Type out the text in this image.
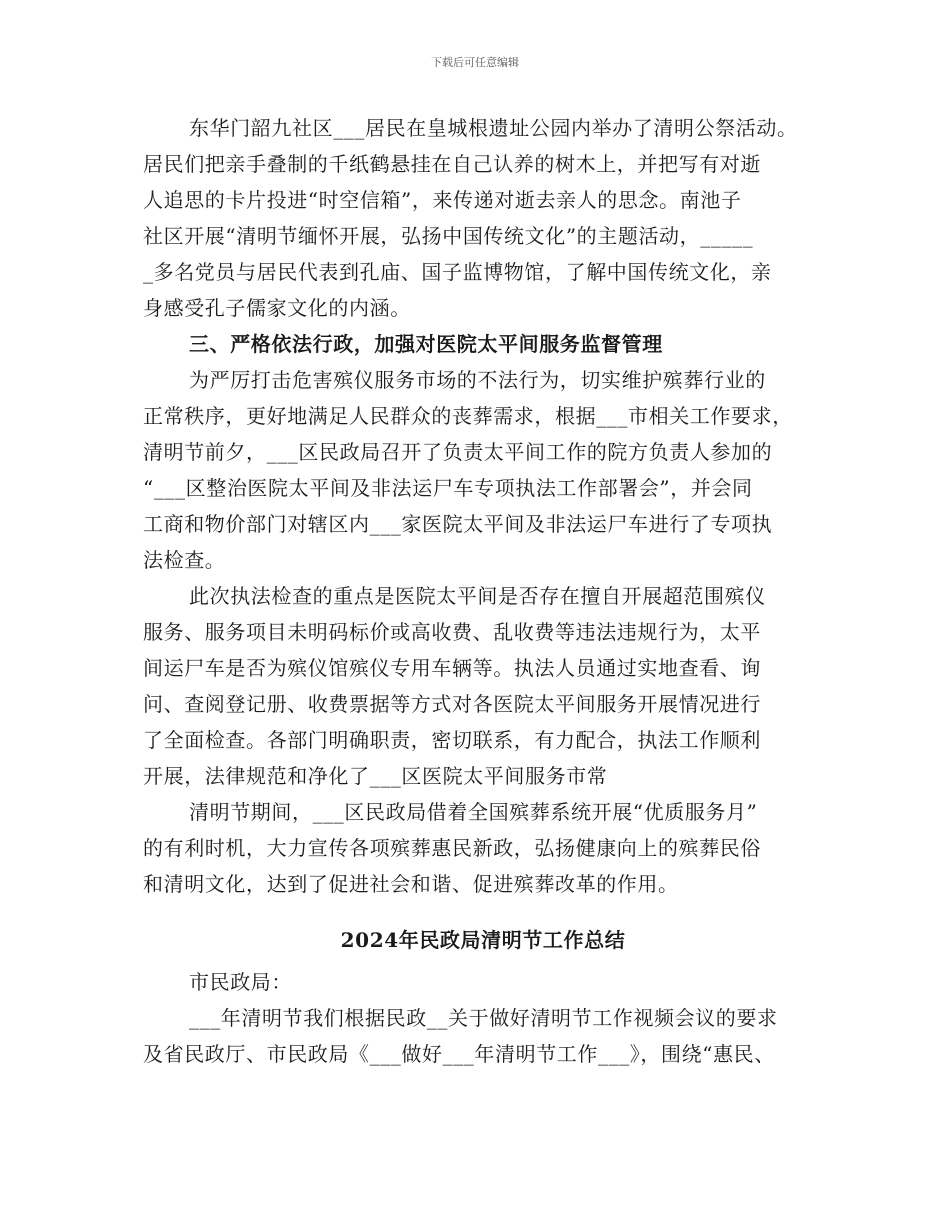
下载后可任意编辑
东华门韶九社区___居民在皇城根遗址公园内举办了清明公祭活动。
居民们把亲手叠制的千纸鹤悬挂在自己认养的树木上，并把写有对逝
人追思的卡片投进“时空信箱”，来传递对逝去亲人的思念。南池子
社区开展“清明节缅怀开展，弘扬中国传统文化”的主题活动，_____
_多名党员与居民代表到孔庙、国子监博物馆，了解中国传统文化，亲
身感受孔子儒家文化的内涵。
三、严格依法行政，加强对医院太平间服务监督管理
为严厉打击危害殡仪服务市场的不法行为，切实维护殡葬行业的
正常秩序，更好地满足人民群众的丧葬需求，根据___市相关工作要求，
清明节前夕，___区民政局召开了负责太平间工作的院方负责人参加的
“___区整治医院太平间及非法运尸车专项执法工作部署会”，并会同
工商和物价部门对辖区内___家医院太平间及非法运尸车进行了专项执
法检查。
此次执法检查的重点是医院太平间是否存在擅自开展超范围殡仪
服务、服务项目未明码标价或高收费、乱收费等违法违规行为，太平
间运尸车是否为殡仪馆殡仪专用车辆等。执法人员通过实地查看、询
问、查阅登记册、收费票据等方式对各医院太平间服务开展情况进行
了全面检查。各部门明确职责，密切联系，有力配合，执法工作顺利
开展，法律规范和净化了___区医院太平间服务市常
清明节期间，___区民政局借着全国殡葬系统开展“优质服务月”
的有利时机，大力宣传各项殡葬惠民新政，弘扬健康向上的殡葬民俗
和清明文化，达到了促进社会和谐、促进殡葬改革的作用。
2024年民政局清明节工作总结
市民政局：
___年清明节我们根据民政__关于做好清明节工作视频会议的要求
及省民政厅、市民政局《___做好___年清明节工作___》，围绕“惠民、
